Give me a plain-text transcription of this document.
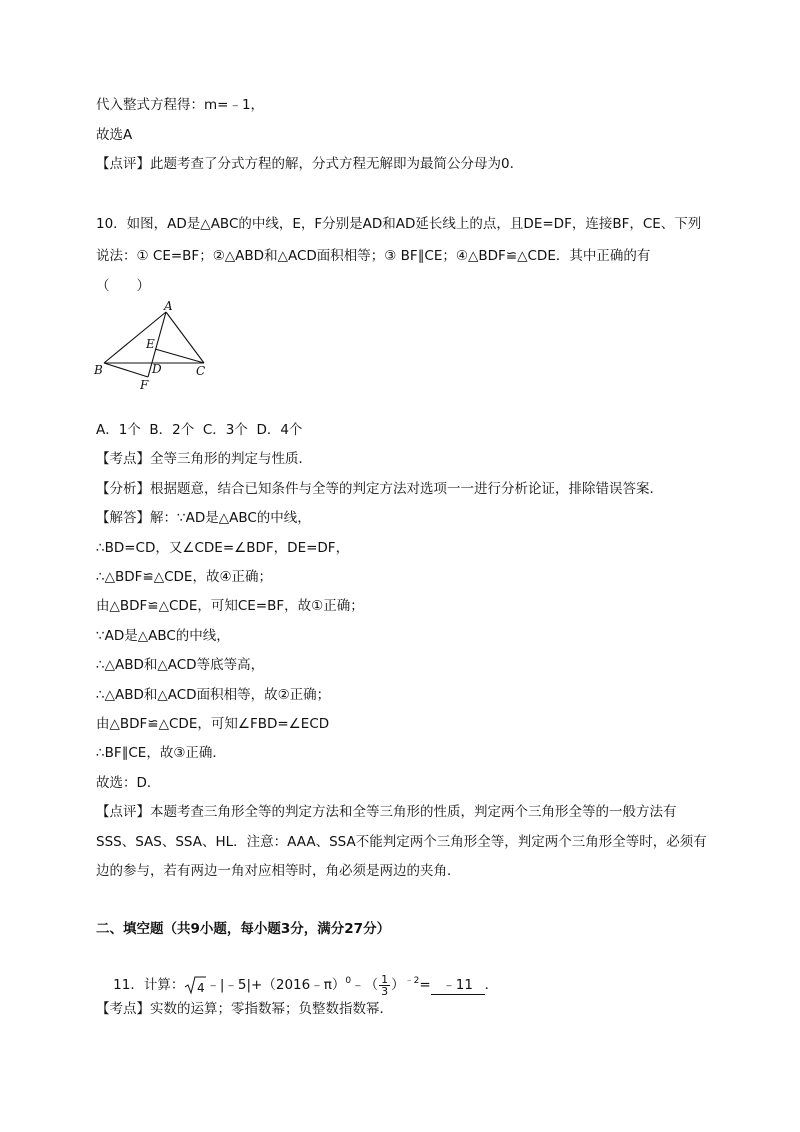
代入整式方程得：m=﹣1，
故选A
【点评】此题考查了分式方程的解，分式方程无解即为最简公分母为0.
10．如图，AD是△ABC的中线，E，F分别是AD和AD延长线上的点，且DE=DF，连接BF，CE、下列
说法：① CE=BF；②△ABD和△ACD面积相等；③ BF∥CE；④△BDF≌△CDE．其中正确的有
（　　）
A
E
B	D	C
F
A．1个  B．2个  C．3个  D．4个
【考点】全等三角形的判定与性质．
【分析】根据题意，结合已知条件与全等的判定方法对选项一一进行分析论证，排除错误答案．
【解答】解：∵AD是△ABC的中线，
∴BD=CD，又∠CDE=∠BDF，DE=DF，
∴△BDF≌△CDE，故④正确；
由△BDF≌△CDE，可知CE=BF，故①正确；
∵AD是△ABC的中线，
∴△ABD和△ACD等底等高，
∴△ABD和△ACD面积相等，故②正确；
由△BDF≌△CDE，可知∠FBD=∠ECD
∴BF∥CE，故③正确．
故选：D．
【点评】本题考查三角形全等的判定方法和全等三角形的性质，判定两个三角形全等的一般方法有
SSS、SAS、SSA、HL．注意：AAA、SSA不能判定两个三角形全等，判定两个三角形全等时，必须有
边的参与，若有两边一角对应相等时，角必须是两边的夹角．
二、填空题（共9小题，每小题3分，满分27分）

11．计算： 4 ﹣|﹣5|+（2016﹣π）$^0$﹣（ $\frac{1}{3} )^{﹣2}=$ ﹣11 ．

【考点】实数的运算；零指数幂；负整数指数幂．
